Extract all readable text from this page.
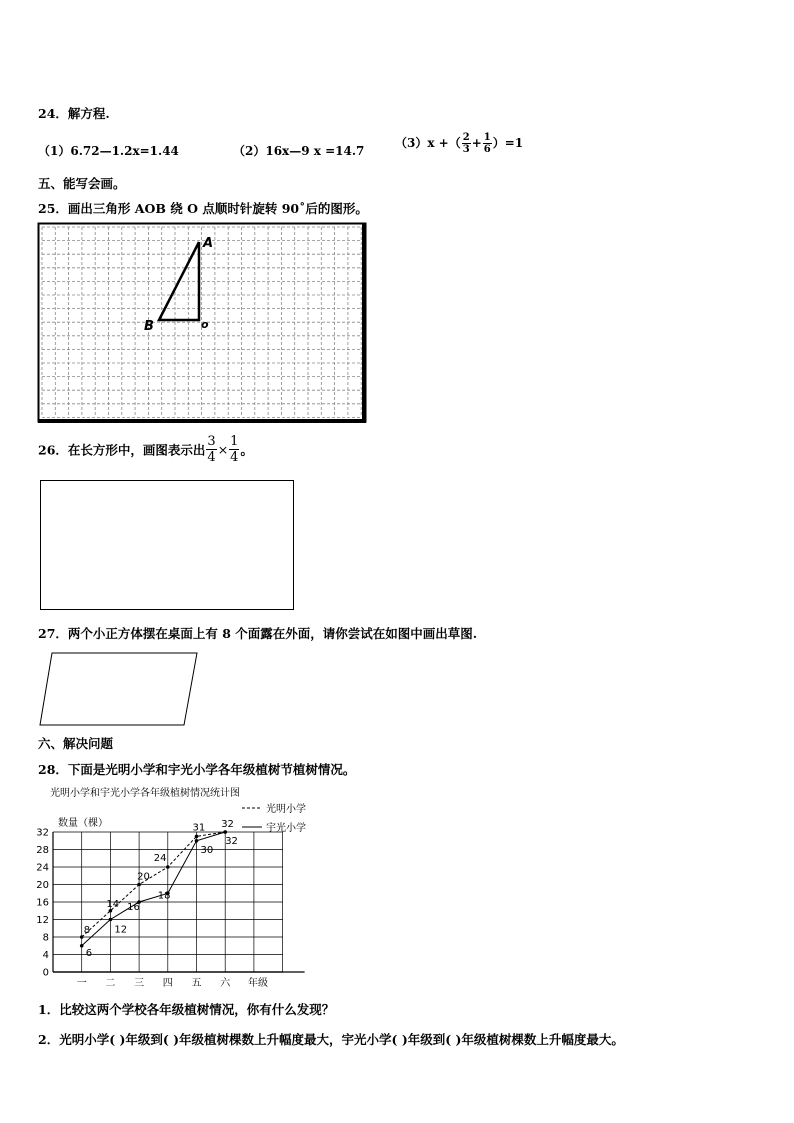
24．解方程.
（1）6.72—1.2x=1.44	（2）16x—9 x =14.7
（3）x +（ $\frac{2}{3} + \frac{1}{6} )=1$
五、能写会画。
25．画出三角形 AOB 绕 O 点顺时针旋转 90˚后的图形。
A
B	o
26．在长方形中，画图表示出 $\frac{3}{4} \times \frac{1}{4}$ 。
27．两个小正方体摆在桌面上有 8 个面露在外面，请你尝试在如图中画出草图.
六、解决问题
28．下面是光明小学和宇光小学各年级植树节植树情况。
光明小学和宇光小学各年级植树情况统计图
光明小学
宇光小学
数量（棵）
年级
0
4
8
12
16
20
24
28
32
一 二 三 四 五 六
8
14
20
24
31 32
6
12
16
18
30
32
1．比较这两个学校各年级植树情况，你有什么发现？
2．光明小学( )年级到( )年级植树棵数上升幅度最大，宇光小学( )年级到( )年级植树棵数上升幅度最大。
